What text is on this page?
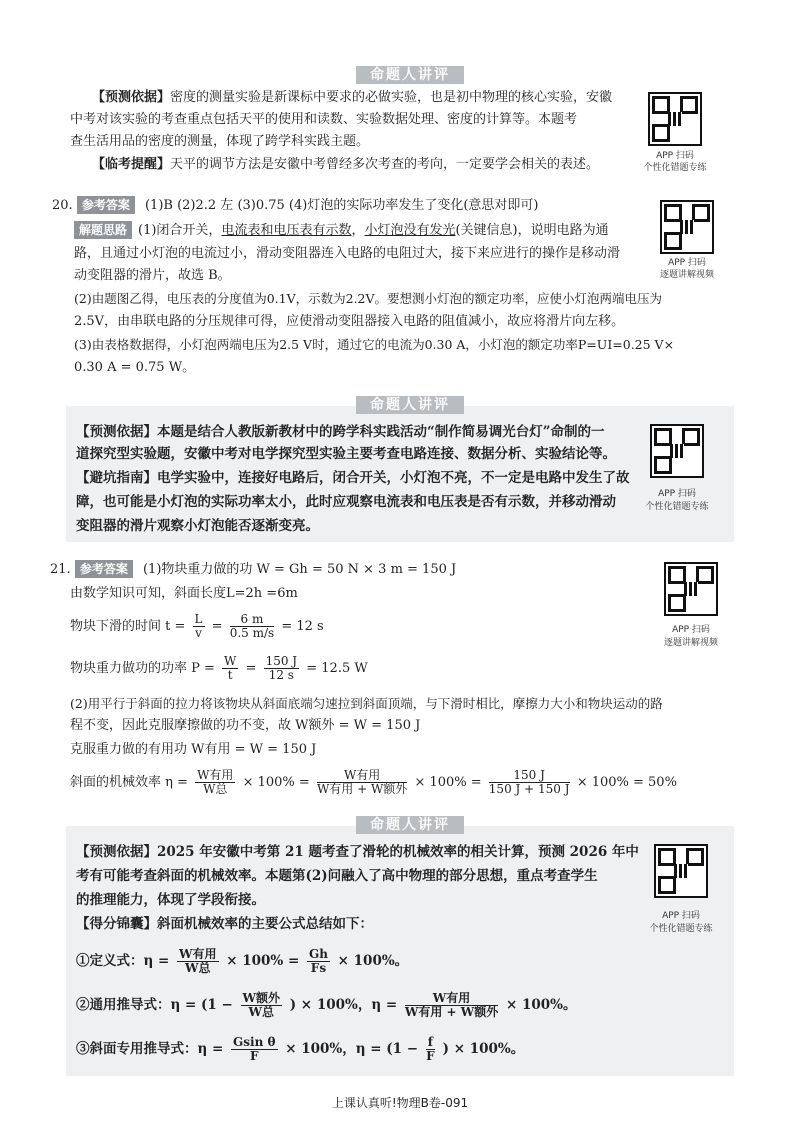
命题人讲评
【预测依据】密度的测量实验是新课标中要求的必做实验，也是初中物理的核心实验，安徽
中考对该实验的考查重点包括天平的使用和读数、实验数据处理、密度的计算等。本题考
查生活用品的密度的测量，体现了跨学科实践主题。
【临考提醒】天平的调节方法是安徽中考曾经多次考查的考向，一定要学会相关的表述。
APP 扫码
个性化错题专练
20. 参考答案 (1)B (2)2.2 左 (3)0.75 (4)灯泡的实际功率发生了变化(意思对即可)
解题思路 (1)闭合开关，电流表和电压表有示数，小灯泡没有发光(关键信息)，说明电路为通
路，且通过小灯泡的电流过小，滑动变阻器连入电路的电阻过大，接下来应进行的操作是移动滑
动变阻器的滑片，故选 B。
(2)由题图乙得，电压表的分度值为0.1V，示数为2.2V。要想测小灯泡的额定功率，应使小灯泡两端电压为
2.5V，由串联电路的分压规律可得，应使滑动变阻器接入电路的阻值减小，故应将滑片向左移。
(3)由表格数据得，小灯泡两端电压为2.5 V时，通过它的电流为0.30 A，小灯泡的额定功率P=UI=0.25 V×
0.30 A = 0.75 W。
APP 扫码
逐题讲解视频
命题人讲评
【预测依据】本题是结合人教版新教材中的跨学科实践活动“制作简易调光台灯”命制的一
道探究型实验题，安徽中考对电学探究型实验主要考查电路连接、数据分析、实验结论等。
【避坑指南】电学实验中，连接好电路后，闭合开关，小灯泡不亮，不一定是电路中发生了故
障，也可能是小灯泡的实际功率太小，此时应观察电流表和电压表是否有示数，并移动滑动
变阻器的滑片观察小灯泡能否逐渐变亮。
APP 扫码
个性化错题专练
21. 参考答案 (1)物块重力做的功 W = Gh = 50 N × 3 m = 150 J
由数学知识可知，斜面长度L=2h =6m
物块下滑的时间 $t = \frac{L}{v} = \frac{6 m}{0.5 m/s} = 12$ s
物块重力做功的功率 $P = \frac{W}{t} = \frac{150 J}{12 s} = 12.5$ W
(2)用平行于斜面的拉力将该物块从斜面底端匀速拉到斜面顶端，与下滑时相比，摩擦力大小和物块运动的路
程不变，因此克服摩擦做的功不变，故 W额外 = W = 150 J
克服重力做的有用功 W有用 = W = 150 J
斜面的机械效率 $\eta = \frac{\text{W有用}}{\text{W总}} \times 100\% = \frac{\text{W有用}}{\text{W有用 + W额外}} \times 100\% = \frac{150 J}{150 J + 150 J} \times 100\% = 50\%$
APP 扫码
逐题讲解视频
命题人讲评
【预测依据】2025 年安徽中考第 21 题考查了滑轮的机械效率的相关计算，预测 2026 年中
考有可能考查斜面的机械效率。本题第(2)问融入了高中物理的部分思想，重点考查学生
的推理能力，体现了学段衔接。
【得分锦囊】斜面机械效率的主要公式总结如下：
①定义式：$\eta = \frac{\text{W有用}}{\text{W总}} \times 100\% = \frac{Gh}{Fs} \times 100\%$。
②通用推导式：$\eta = (1 - \frac{\text{W额外}}{\text{W总}}$ ) × 100%，$\eta = \frac{\text{W有用}}{\text{W有用 + W额外}} \times 100\%$。
③斜面专用推导式：$\eta = \frac{\text{Gsin θ}}{F} \times 100\%$，$\eta = (1 - \frac{f}{F}$ ) × 100%。
APP 扫码
个性化错题专练
上课认真听!物理B卷-091
